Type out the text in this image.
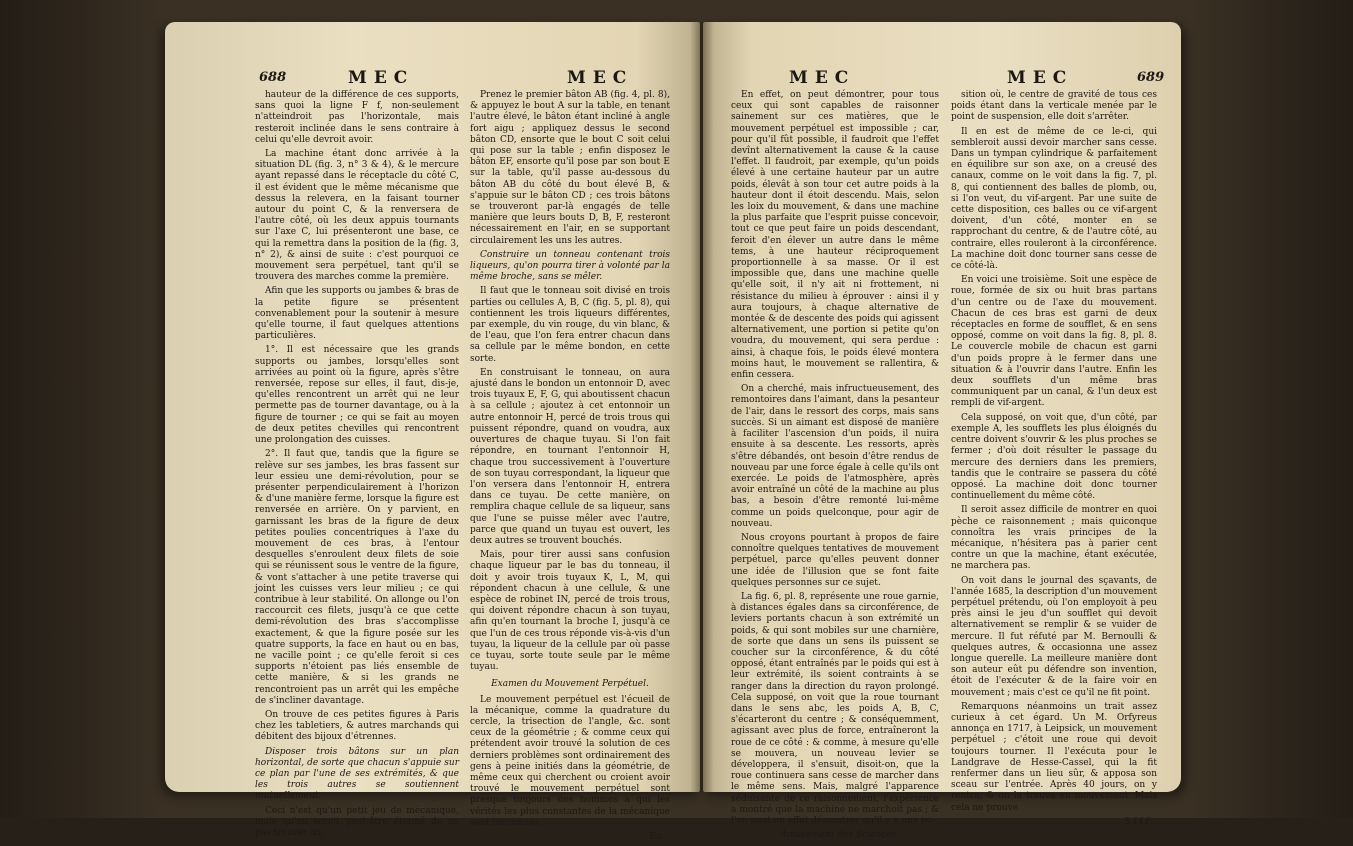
688	MEC	MEC

hauteur de la différence de ces supports, sans quoi la ligne F f, non-seulement n'atteindroit pas l'horizontale, mais resteroit inclinée dans le sens contraire à celui qu'elle devroit avoir.

La machine étant donc arrivée à la situation DL (fig. 3, n° 3 & 4), & le mercure ayant repassé dans le réceptacle du côté C, il est évident que le même mécanisme que dessus la relevera, en la faisant tourner autour du point C, & la renversera de l'autre côté, où les deux appuis tournants sur l'axe C, lui présenteront une base, ce qui la remettra dans la position de la (fig. 3, n° 2), & ainsi de suite : c'est pourquoi ce mouvement sera perpétuel, tant qu'il se trouvera des marches comme la première.

Afin que les supports ou jambes & bras de la petite figure se présentent convenablement pour la soutenir à mesure qu'elle tourne, il faut quelques attentions particulières.

1°. Il est nécessaire que les grands supports ou jambes, lorsqu'elles sont arrivées au point où la figure, après s'être renversée, repose sur elles, il faut, dis-je, qu'elles rencontrent un arrêt qui ne leur permette pas de tourner davantage, ou à la figure de tourner ; ce qui se fait au moyen de deux petites chevilles qui rencontrent une prolongation des cuisses.

2°. Il faut que, tandis que la figure se relève sur ses jambes, les bras fassent sur leur essieu une demi-révolution, pour se présenter perpendiculairement à l'horizon & d'une manière ferme, lorsque la figure est renversée en arrière. On y parvient, en garnissant les bras de la figure de deux petites poulies concentriques à l'axe du mouvement de ces bras, à l'entour desquelles s'enroulent deux filets de soie qui se réunissent sous le ventre de la figure, & vont s'attacher à une petite traverse qui joint les cuisses vers leur milieu ; ce qui contribue à leur stabilité. On allonge ou l'on raccourcit ces filets, jusqu'à ce que cette demi-révolution des bras s'accomplisse exactement, & que la figure posée sur les quatre supports, la face en haut ou en bas, ne vacille point ; ce qu'elle feroit si ces supports n'étoient pas liés ensemble de cette manière, & si les grands ne rencontroient pas un arrêt qui les empêche de s'incliner davantage.

On trouve de ces petites figures à Paris chez les tabletiers, & autres marchands qui débitent des bijoux d'étrennes.

Disposer trois bâtons sur un plan horizontal, de sorte que chacun s'appuie sur ce plan par l'une de ses extrémités, & que les trois autres se soutiennent mutuellement.

Ceci n'est qu'un petit jeu de mécanique, mais qu'on seroit peut-être étonné de ne pas trouver ici.

Prenez le premier bâton AB (fig. 4, pl. 8), & appuyez le bout A sur la table, en tenant l'autre élevé, le bâton étant incliné à angle fort aigu ; appliquez dessus le second bâton CD, ensorte que le bout C soit celui qui pose sur la table ; enfin disposez le bâton EF, ensorte qu'il pose par son bout E sur la table, qu'il passe au-dessous du bâton AB du côté du bout élevé B, & s'appuie sur le bâton CD ; ces trois bâtons se trouveront par-là engagés de telle manière que leurs bouts D, B, F, resteront nécessairement en l'air, en se supportant circulairement les uns les autres.

Construire un tonneau contenant trois liqueurs, qu'on pourra tirer à volonté par la même broche, sans se mêler.

Il faut que le tonneau soit divisé en trois parties ou cellules A, B, C (fig. 5, pl. 8), qui contiennent les trois liqueurs différentes, par exemple, du vin rouge, du vin blanc, & de l'eau, que l'on fera entrer chacun dans sa cellule par le même bondon, en cette sorte.

En construisant le tonneau, on aura ajusté dans le bondon un entonnoir D, avec trois tuyaux E, F, G, qui aboutissent chacun à sa cellule ; ajoutez à cet entonnoir un autre entonnoir H, percé de trois trous qui puissent répondre, quand on voudra, aux ouvertures de chaque tuyau. Si l'on fait répondre, en tournant l'entonnoir H, chaque trou successivement à l'ouverture de son tuyau correspondant, la liqueur que l'on versera dans l'entonnoir H, entrera dans ce tuyau. De cette manière, on remplira chaque cellule de sa liqueur, sans que l'une se puisse mêler avec l'autre, parce que quand un tuyau est ouvert, les deux autres se trouvent bouchés.

Mais, pour tirer aussi sans confusion chaque liqueur par le bas du tonneau, il doit y avoir trois tuyaux K, L, M, qui répondent chacun à une cellule, & une espèce de robinet IN, percé de trois trous, qui doivent répondre chacun à son tuyau, afin qu'en tournant la broche I, jusqu'à ce que l'un de ces trous réponde vis-à-vis d'un tuyau, la liqueur de la cellule par où passe ce tuyau, sorte toute seule par le même tuyau.

Examen du Mouvement Perpétuel.

Le mouvement perpétuel est l'écueil de la mécanique, comme la quadrature du cercle, la trisection de l'angle, &c. sont ceux de la géométrie ; & comme ceux qui prétendent avoir trouvé la solution de ces derniers problèmes sont ordinairement des gens à peine initiés dans la géométrie, de même ceux qui cherchent ou croient avoir trouvé le mouvement perpétuel sont presque toujours des hommes à qui les vérités les plus constantes de la mécanique sont inconnues.

En

MEC	MEC	689

En effet, on peut démontrer, pour tous ceux qui sont capables de raisonner sainement sur ces matières, que le mouvement perpétuel est impossible ; car, pour qu'il fût possible, il faudroit que l'effet devînt alternativement la cause & la cause l'effet. Il faudroit, par exemple, qu'un poids élevé à une certaine hauteur par un autre poids, élevât à son tour cet autre poids à la hauteur dont il étoit descendu. Mais, selon les loix du mouvement, & dans une machine la plus parfaite que l'esprit puisse concevoir, tout ce que peut faire un poids descendant, feroit d'en élever un autre dans le même tems, à une hauteur réciproquement proportionnelle à sa masse. Or il est impossible que, dans une machine quelle qu'elle soit, il n'y ait ni frottement, ni résistance du milieu à éprouver : ainsi il y aura toujours, à chaque alternative de montée & de descente des poids qui agissent alternativement, une portion si petite qu'on voudra, du mouvement, qui sera perdue : ainsi, à chaque fois, le poids élevé montera moins haut, le mouvement se rallentira, & enfin cessera.

On a cherché, mais infructueusement, des remontoires dans l'aimant, dans la pesanteur de l'air, dans le ressort des corps, mais sans succès. Si un aimant est disposé de manière à faciliter l'ascension d'un poids, il nuira ensuite à sa descente. Les ressorts, après s'être débandés, ont besoin d'être rendus de nouveau par une force égale à celle qu'ils ont exercée. Le poids de l'atmosphère, après avoir entraîné un côté de la machine au plus bas, a besoin d'être remonté lui-même comme un poids quelconque, pour agir de nouveau.

Nous croyons pourtant à propos de faire connoître quelques tentatives de mouvement perpétuel, parce qu'elles peuvent donner une idée de l'illusion que se font faite quelques personnes sur ce sujet.

La fig. 6, pl. 8, représente une roue garnie, à distances égales dans sa circonférence, de leviers portants chacun à son extrémité un poids, & qui sont mobiles sur une charnière, de sorte que dans un sens ils puissent se coucher sur la circonférence, & du côté opposé, étant entraînés par le poids qui est à leur extrémité, ils soient contraints à se ranger dans la direction du rayon prolongé. Cela supposé, on voit que la roue tournant dans le sens abc, les poids A, B, C, s'écarteront du centre ; & conséquemment, agissant avec plus de force, entraîneront la roue de ce côté : & comme, à mesure qu'elle se mouvera, un nouveau levier se développera, il s'ensuit, disoit-on, que la roue continuera sans cesse de marcher dans le même sens. Mais, malgré l'apparence séduisante de ce raisonnement, l'expérience a montré que la machine ne marchoit pas ; & l'on peut en effet démontrer qu'il y a une po-

Amusement des Sciences.

sition où, le centre de gravité de tous ces poids étant dans la verticale menée par le point de suspension, elle doit s'arrêter.

Il en est de même de ce le-ci, qui sembleroit aussi devoir marcher sans cesse. Dans un tympan cylindrique & parfaitement en équilibre sur son axe, on a creusé des canaux, comme on le voit dans la fig. 7, pl. 8, qui contiennent des balles de plomb, ou, si l'on veut, du vif-argent. Par une suite de cette disposition, ces balles ou ce vif-argent doivent, d'un côté, monter en se rapprochant du centre, & de l'autre côté, au contraire, elles rouleront à la circonférence. La machine doit donc tourner sans cesse de ce côté-là.

En voici une troisième. Soit une espèce de roue, formée de six ou huit bras partans d'un centre ou de l'axe du mouvement. Chacun de ces bras est garni de deux réceptacles en forme de soufflet, & en sens opposé, comme on voit dans la fig. 8, pl. 8. Le couvercle mobile de chacun est garni d'un poids propre à le fermer dans une situation & à l'ouvrir dans l'autre. Enfin les deux soufflets d'un même bras communiquent par un canal, & l'un deux est rempli de vif-argent.

Cela supposé, on voit que, d'un côté, par exemple A, les soufflets les plus éloignés du centre doivent s'ouvrir & les plus proches se fermer ; d'où doit résulter le passage du mercure des derniers dans les premiers, tandis que le contraire se passera du côté opposé. La machine doit donc tourner continuellement du même côté.

Il seroit assez difficile de montrer en quoi pèche ce raisonnement ; mais quiconque connoîtra les vrais principes de la mécanique, n'hésitera pas à parier cent contre un que la machine, étant exécutée, ne marchera pas.

On voit dans le journal des sçavants, de l'année 1685, la description d'un mouvement perpétuel prétendu, où l'on employoit à peu près ainsi le jeu d'un soufflet qui devoit alternativement se remplir & se vuider de mercure. Il fut réfuté par M. Bernoulli & quelques autres, & occasionna une assez longue querelle. La meilleure manière dont son auteur eût pu défendre son invention, étoit de l'exécuter & de la faire voir en mouvement ; mais c'est ce qu'il ne fit point.

Remarquons néanmoins un trait assez curieux à cet égard. Un M. Orfyreus annonça en 1717, à Leipsick, un mouvement perpétuel ; c'étoit une roue qui devoit toujours tourner. Il l'exécuta pour le Landgrave de Hesse-Cassel, qui la fit renfermer dans un lieu sûr, & apposa son sceau sur l'entrée. Après 40 jours, on y rentra, & on la trouva en mouvement. Mais cela ne prouve

S f f f
